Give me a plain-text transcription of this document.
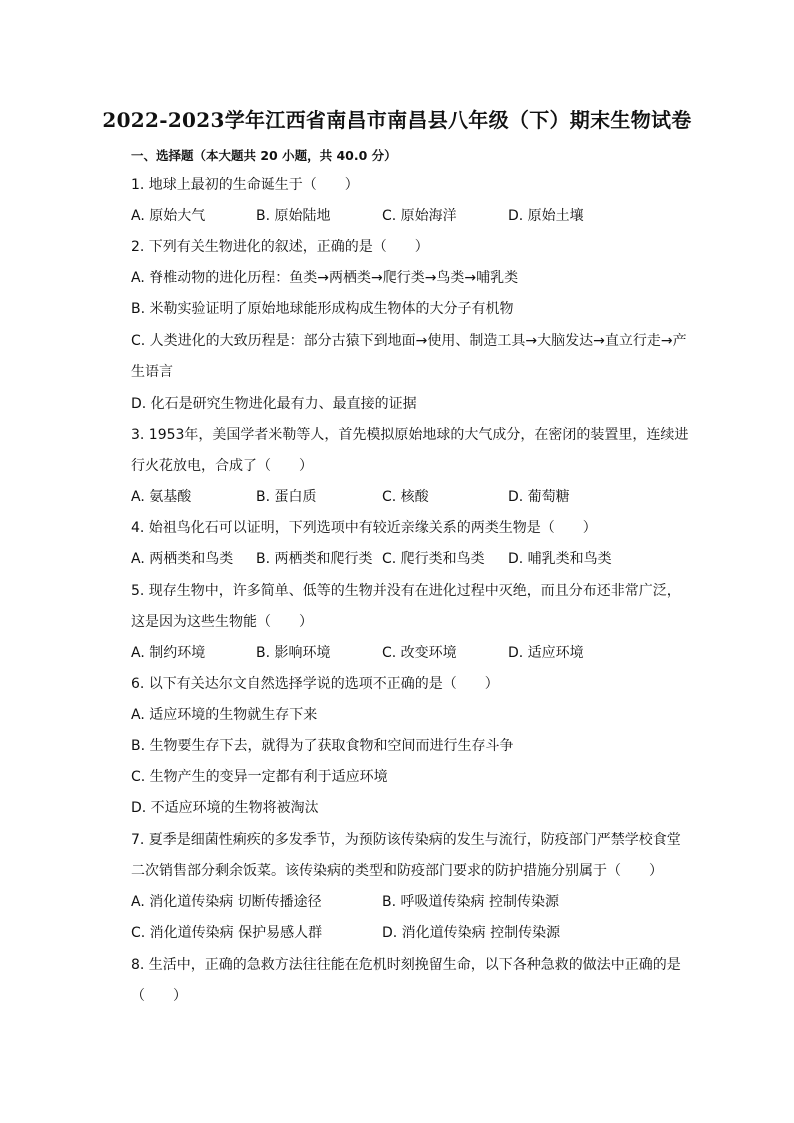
2022-2023学年江西省南昌市南昌县八年级（下）期末生物试卷
一、选择题（本大题共 20 小题，共 40.0 分）
1. 地球上最初的生命诞生于（　　）
A. 原始大气	B. 原始陆地	C. 原始海洋	D. 原始土壤
2. 下列有关生物进化的叙述，正确的是（　　）
A. 脊椎动物的进化历程：鱼类→两栖类→爬行类→鸟类→哺乳类
B. 米勒实验证明了原始地球能形成构成生物体的大分子有机物
C. 人类进化的大致历程是：部分古猿下到地面→使用、制造工具→大脑发达→直立行走→产
生语言
D. 化石是研究生物进化最有力、最直接的证据
3. 1953年，美国学者米勒等人，首先模拟原始地球的大气成分，在密闭的装置里，连续进
行火花放电，合成了（　　）
A. 氨基酸	B. 蛋白质	C. 核酸	D. 葡萄糖
4. 始祖鸟化石可以证明，下列选项中有较近亲缘关系的两类生物是（　　）
A. 两栖类和鸟类 B. 两栖类和爬行类 C. 爬行类和鸟类 D. 哺乳类和鸟类
5. 现存生物中，许多简单、低等的生物并没有在进化过程中灭绝，而且分布还非常广泛，
这是因为这些生物能（　　）
A. 制约环境	B. 影响环境	C. 改变环境	D. 适应环境
6. 以下有关达尔文自然选择学说的选项不正确的是（　　）
A. 适应环境的生物就生存下来
B. 生物要生存下去，就得为了获取食物和空间而进行生存斗争
C. 生物产生的变异一定都有利于适应环境
D. 不适应环境的生物将被淘汰
7. 夏季是细菌性痢疾的多发季节，为预防该传染病的发生与流行，防疫部门严禁学校食堂
二次销售部分剩余饭菜。该传染病的类型和防疫部门要求的防护措施分别属于（　　）
A. 消化道传染病 切断传播途径	B. 呼吸道传染病 控制传染源
C. 消化道传染病 保护易感人群	D. 消化道传染病 控制传染源
8. 生活中，正确的急救方法往往能在危机时刻挽留生命，以下各种急救的做法中正确的是
（　　）
